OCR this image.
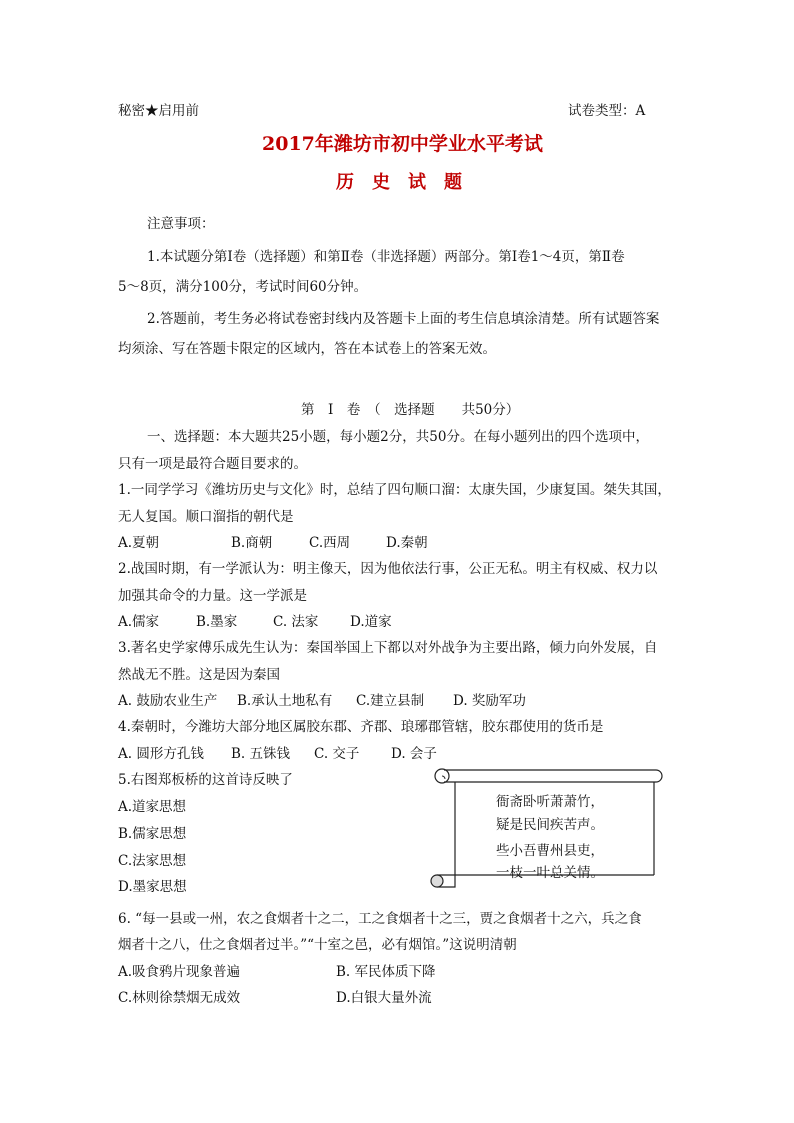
秘密★启用前	试卷类型：A
2017年潍坊市初中学业水平考试
历　史　试　题
注意事项：
1.本试题分第Ⅰ卷（选择题）和第Ⅱ卷（非选择题）两部分。第Ⅰ卷1～4页，第Ⅱ卷
5～8页，满分100分，考试时间60分钟。
2.答题前，考生务必将试卷密封线内及答题卡上面的考生信息填涂清楚。所有试题答案
均须涂、写在答题卡限定的区域内，答在本试卷上的答案无效。
第　Ⅰ　卷　（　选择题　　共50分）
一、选择题：本大题共25小题，每小题2分，共50分。在每小题列出的四个选项中，
只有一项是最符合题目要求的。
1.一同学学习《潍坊历史与文化》时，总结了四句顺口溜：太康失国，少康复国。桀失其国，
无人复国。顺口溜指的朝代是
A.夏朝	B.商朝	C.西周	D.秦朝
2.战国时期，有一学派认为：明主像天，因为他依法行事，公正无私。明主有权威、权力以
加强其命令的力量。这一学派是
A.儒家	B.墨家	C. 法家 D.道家
3.著名史学家傅乐成先生认为：秦国举国上下都以对外战争为主要出路，倾力向外发展，自
然战无不胜。这是因为秦国
A. 鼓励农业生产 B.承认土地私有 C.建立县制 D. 奖励军功
4.秦朝时，今潍坊大部分地区属胶东郡、齐郡、琅琊郡管辖，胶东郡使用的货币是
A. 圆形方孔钱 B. 五铢钱 C. 交子 D. 会子
5.右图郑板桥的这首诗反映了
A.道家思想
B.儒家思想
C.法家思想
D.墨家思想
衙斋卧听萧萧竹，
疑是民间疾苦声。
些小吾曹州县吏，
一枝一叶总关情。
6. “每一县或一州，农之食烟者十之二，工之食烟者十之三，贾之食烟者十之六，兵之食
烟者十之八，仕之食烟者过半。”“十室之邑，必有烟馆。”这说明清朝
A.吸食鸦片现象普遍	B. 军民体质下降
C.林则徐禁烟无成效	D.白银大量外流
